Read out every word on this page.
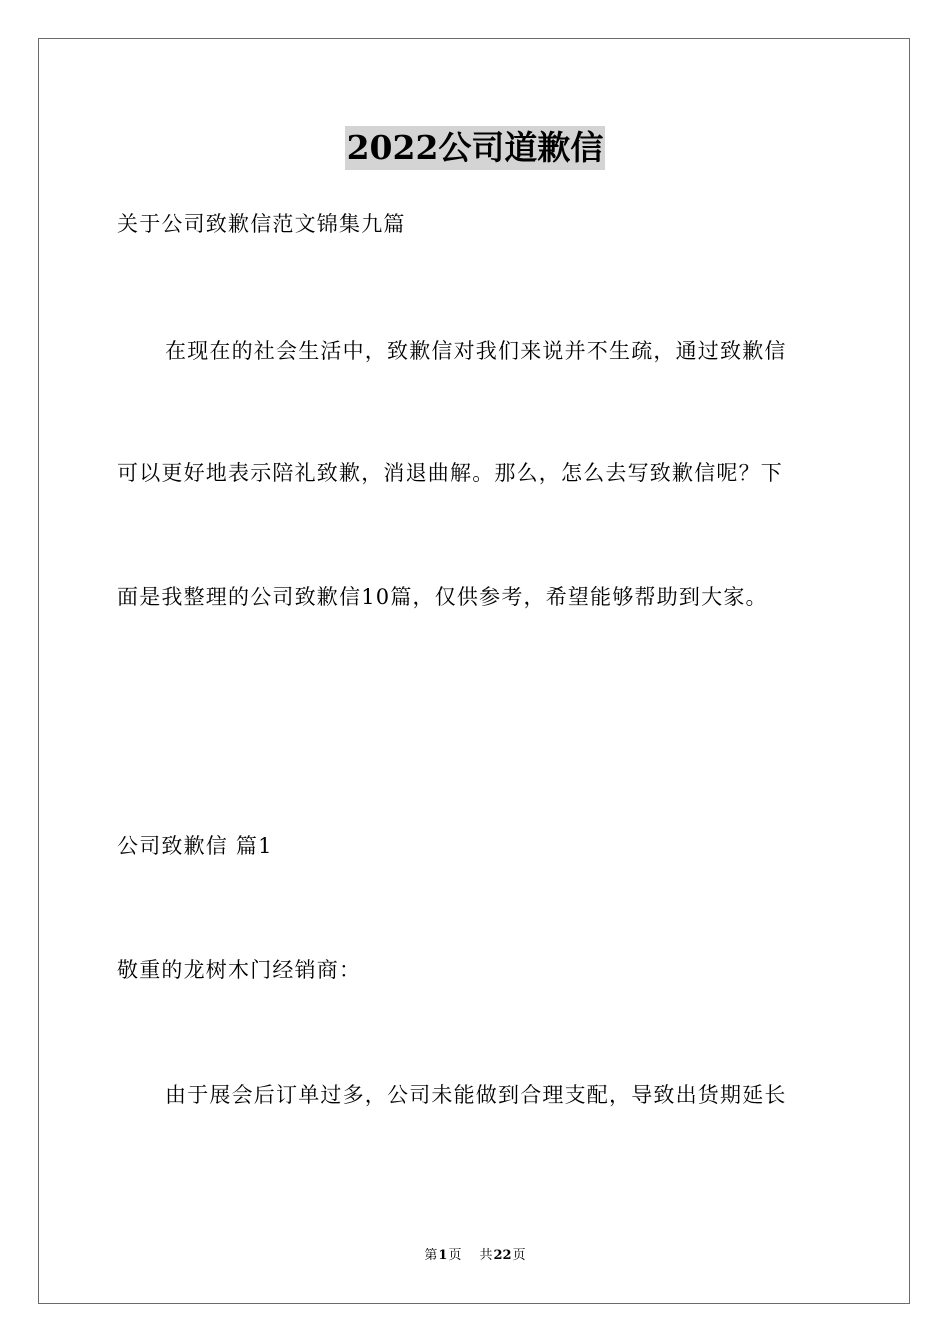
2022公司道歉信
关于公司致歉信范文锦集九篇
在现在的社会生活中，致歉信对我们来说并不生疏，通过致歉信
可以更好地表示陪礼致歉，消退曲解。那么，怎么去写致歉信呢？下
面是我整理的公司致歉信10篇，仅供参考，希望能够帮助到大家。
公司致歉信 篇1
敬重的龙树木门经销商：
由于展会后订单过多，公司未能做到合理支配，导致出货期延长
第1页 共22页
